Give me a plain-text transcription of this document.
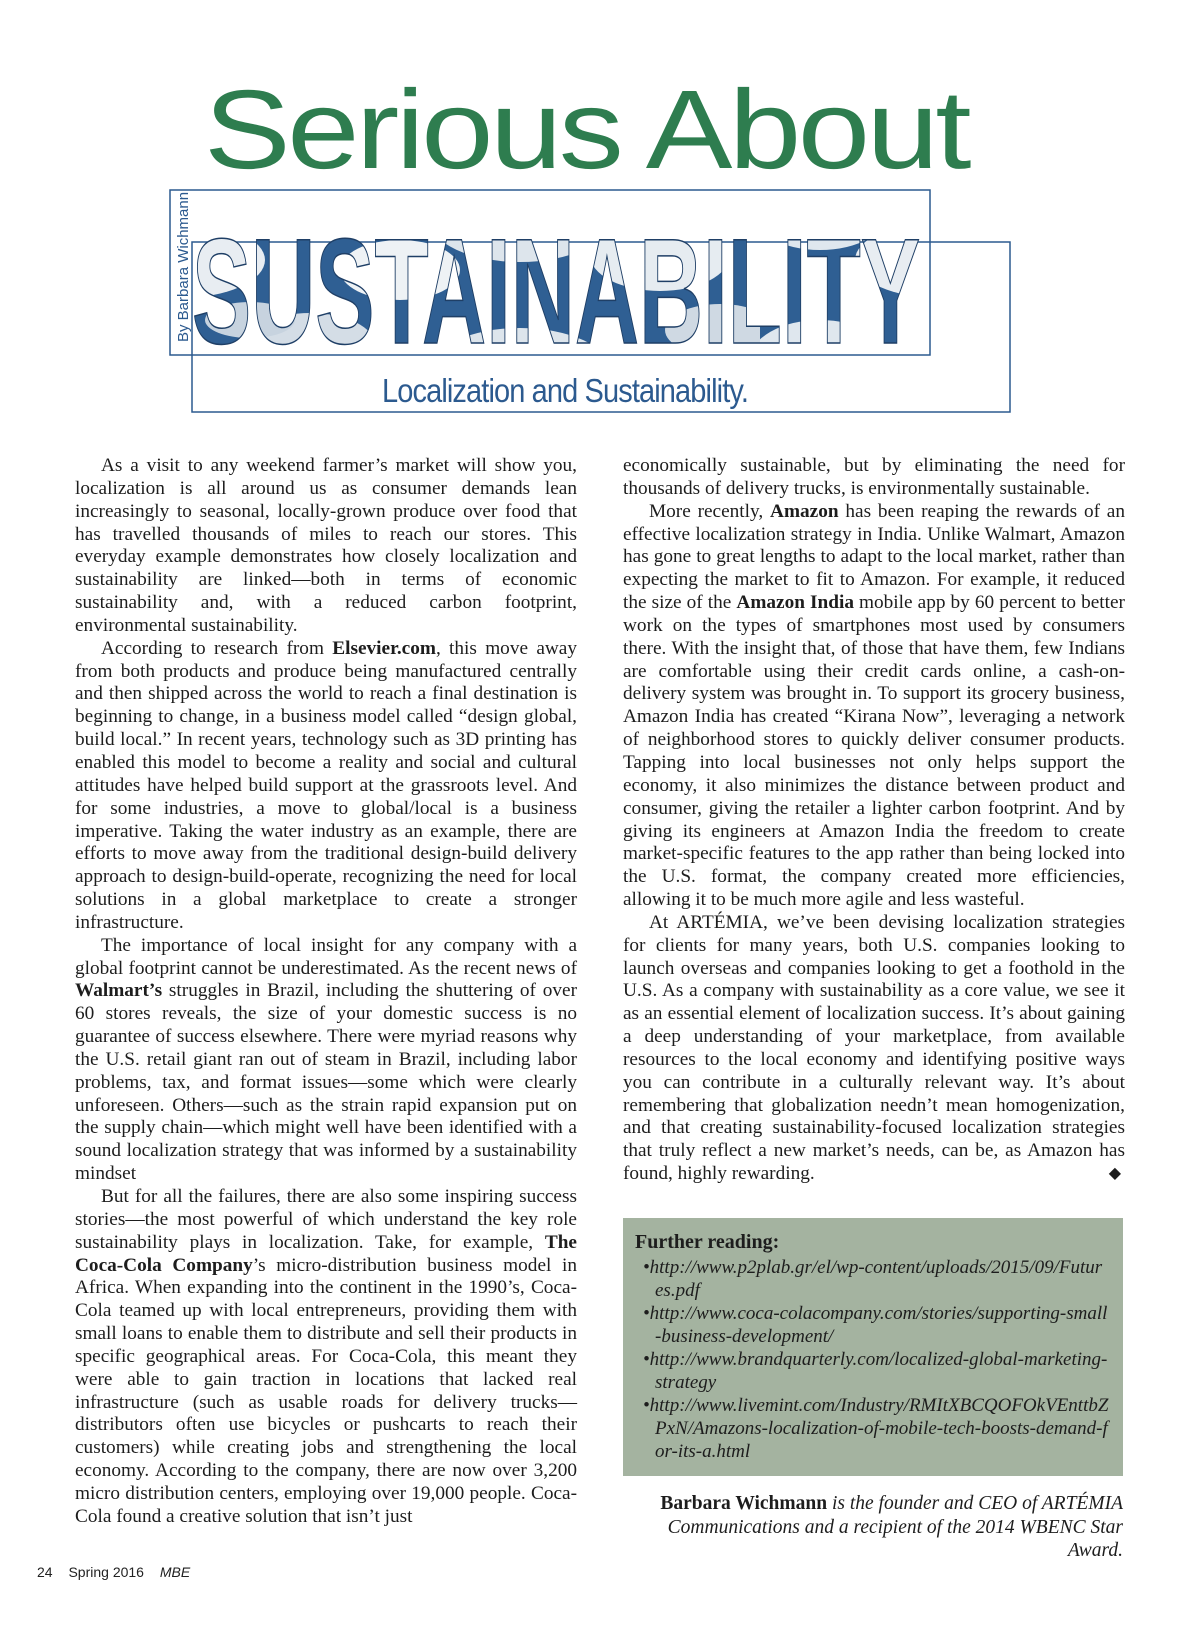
Serious About
SUSTAINABILITY
By Barbara Wichmann
Localization and Sustainability.

As a visit to any weekend farmer’s market will show you, localization is all around us as consumer demands lean increasingly to seasonal, locally-grown produce over food that has travelled thousands of miles to reach our stores. This everyday example demonstrates how closely localization and sustainability are linked—both in terms of economic sustainability and, with a reduced carbon footprint, environmental sustainability.

According to research from Elsevier.com, this move away from both products and produce being manufactured centrally and then shipped across the world to reach a final destination is beginning to change, in a business model called “design global, build local.” In recent years, technology such as 3D printing has enabled this model to become a reality and social and cultural attitudes have helped build support at the grassroots level. And for some industries, a move to global/local is a business imperative. Taking the water industry as an example, there are efforts to move away from the traditional design-build delivery approach to design-build-operate, recognizing the need for local solutions in a global marketplace to create a stronger infrastructure.

The importance of local insight for any company with a global footprint cannot be underestimated. As the recent news of Walmart’s struggles in Brazil, including the shuttering of over 60 stores reveals, the size of your domestic success is no guarantee of success elsewhere. There were myriad reasons why the U.S. retail giant ran out of steam in Brazil, including labor problems, tax, and format issues—some which were clearly unforeseen. Others—such as the strain rapid expansion put on the supply chain—which might well have been identified with a sound localization strategy that was informed by a sustainability mindset

But for all the failures, there are also some inspiring success stories—the most powerful of which understand the key role sustainability plays in localization. Take, for example, The Coca-Cola Company’s micro-distribution business model in Africa. When expanding into the continent in the 1990’s, Coca-Cola teamed up with local entrepreneurs, providing them with small loans to enable them to distribute and sell their products in specific geographical areas. For Coca-Cola, this meant they were able to gain traction in locations that lacked real infrastructure (such as usable roads for delivery trucks—distributors often use bicycles or pushcarts to reach their customers) while creating jobs and strengthening the local economy. According to the company, there are now over 3,200 micro distribution centers, employing over 19,000 people. Coca-Cola found a creative solution that isn’t just

economically sustainable, but by eliminating the need for thousands of delivery trucks, is environmentally sustainable.

More recently, Amazon has been reaping the rewards of an effective localization strategy in India. Unlike Walmart, Amazon has gone to great lengths to adapt to the local market, rather than expecting the market to fit to Amazon. For example, it reduced the size of the Amazon India mobile app by 60 percent to better work on the types of smartphones most used by consumers there. With the insight that, of those that have them, few Indians are comfortable using their credit cards online, a cash-on-delivery system was brought in. To support its grocery business, Amazon India has created “Kirana Now”, leveraging a network of neighborhood stores to quickly deliver consumer products. Tapping into local businesses not only helps support the economy, it also minimizes the distance between product and consumer, giving the retailer a lighter carbon footprint. And by giving its engineers at Amazon India the freedom to create market-specific features to the app rather than being locked into the U.S. format, the company created more efficiencies, allowing it to be much more agile and less wasteful.

At ARTÉMIA, we’ve been devising localization strategies for clients for many years, both U.S. companies looking to launch overseas and companies looking to get a foothold in the U.S. As a company with sustainability as a core value, we see it as an essential element of localization success. It’s about gaining a deep understanding of your marketplace, from available resources to the local economy and identifying positive ways you can contribute in a culturally relevant way. It’s about remembering that globalization needn’t mean homogenization, and that creating sustainability-focused localization strategies that truly reflect a new market’s needs, can be, as Amazon has found, highly rewarding.	◆

Further reading:
•http://www.p2plab.gr/el/wp-content/uploads/2015/09/Futures.pdf
•http://www.coca-colacompany.com/stories/supporting-small-business-development/
•http://www.brandquarterly.com/localized-global-marketing-strategy
•http://www.livemint.com/Industry/RMItXBCQOFOkVEnttbZPxN/Amazons-localization-of-mobile-tech-boosts-demand-for-its-a.html
Barbara Wichmann is the founder and CEO of ARTÉMIA Communications and a recipient of the 2014 WBENC Star Award.
24 Spring 2016 MBE
